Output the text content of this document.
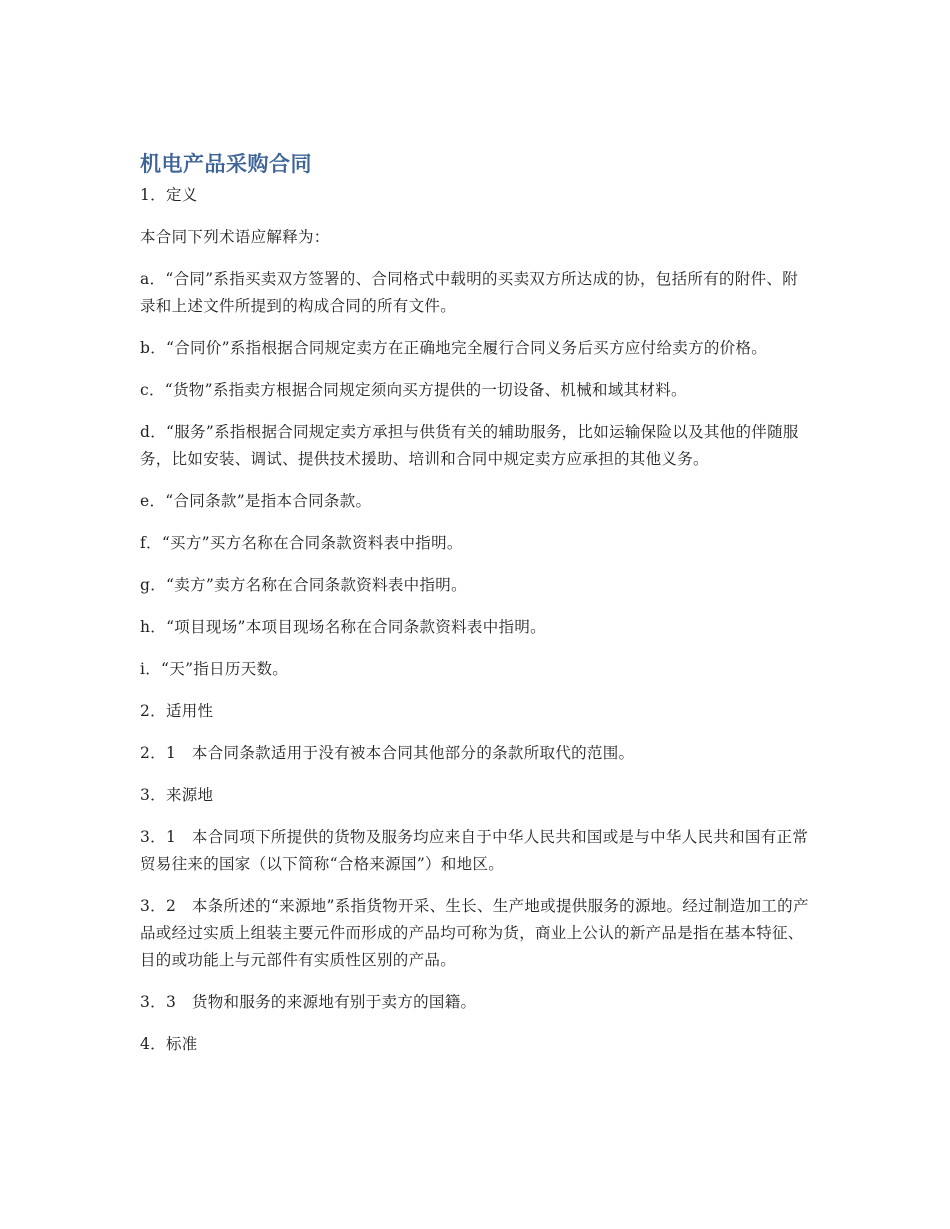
机电产品采购合同

1．定义

本合同下列术语应解释为：

a．“合同”系指买卖双方签署的、合同格式中载明的买卖双方所达成的协，包括所有的附件、附录和上述文件所提到的构成合同的所有文件。

b．“合同价”系指根据合同规定卖方在正确地完全履行合同义务后买方应付给卖方的价格。

c．“货物”系指卖方根据合同规定须向买方提供的一切设备、机械和域其材料。

d．“服务”系指根据合同规定卖方承担与供货有关的辅助服务，比如运输保险以及其他的伴随服务，比如安装、调试、提供技术援助、培训和合同中规定卖方应承担的其他义务。

e．“合同条款”是指本合同条款。

f．“买方”买方名称在合同条款资料表中指明。

g．“卖方”卖方名称在合同条款资料表中指明。

h．“项目现场”本项目现场名称在合同条款资料表中指明。

i．“天”指日历天数。

2．适用性

2．1　本合同条款适用于没有被本合同其他部分的条款所取代的范围。

3．来源地

3．1　本合同项下所提供的货物及服务均应来自于中华人民共和国或是与中华人民共和国有正常贸易往来的国家（以下简称“合格来源国”）和地区。

3．2　本条所述的“来源地”系指货物开采、生长、生产地或提供服务的源地。经过制造加工的产品或经过实质上组装主要元件而形成的产品均可称为货，商业上公认的新产品是指在基本特征、目的或功能上与元部件有实质性区别的产品。

3．3　货物和服务的来源地有别于卖方的国籍。

4．标准
